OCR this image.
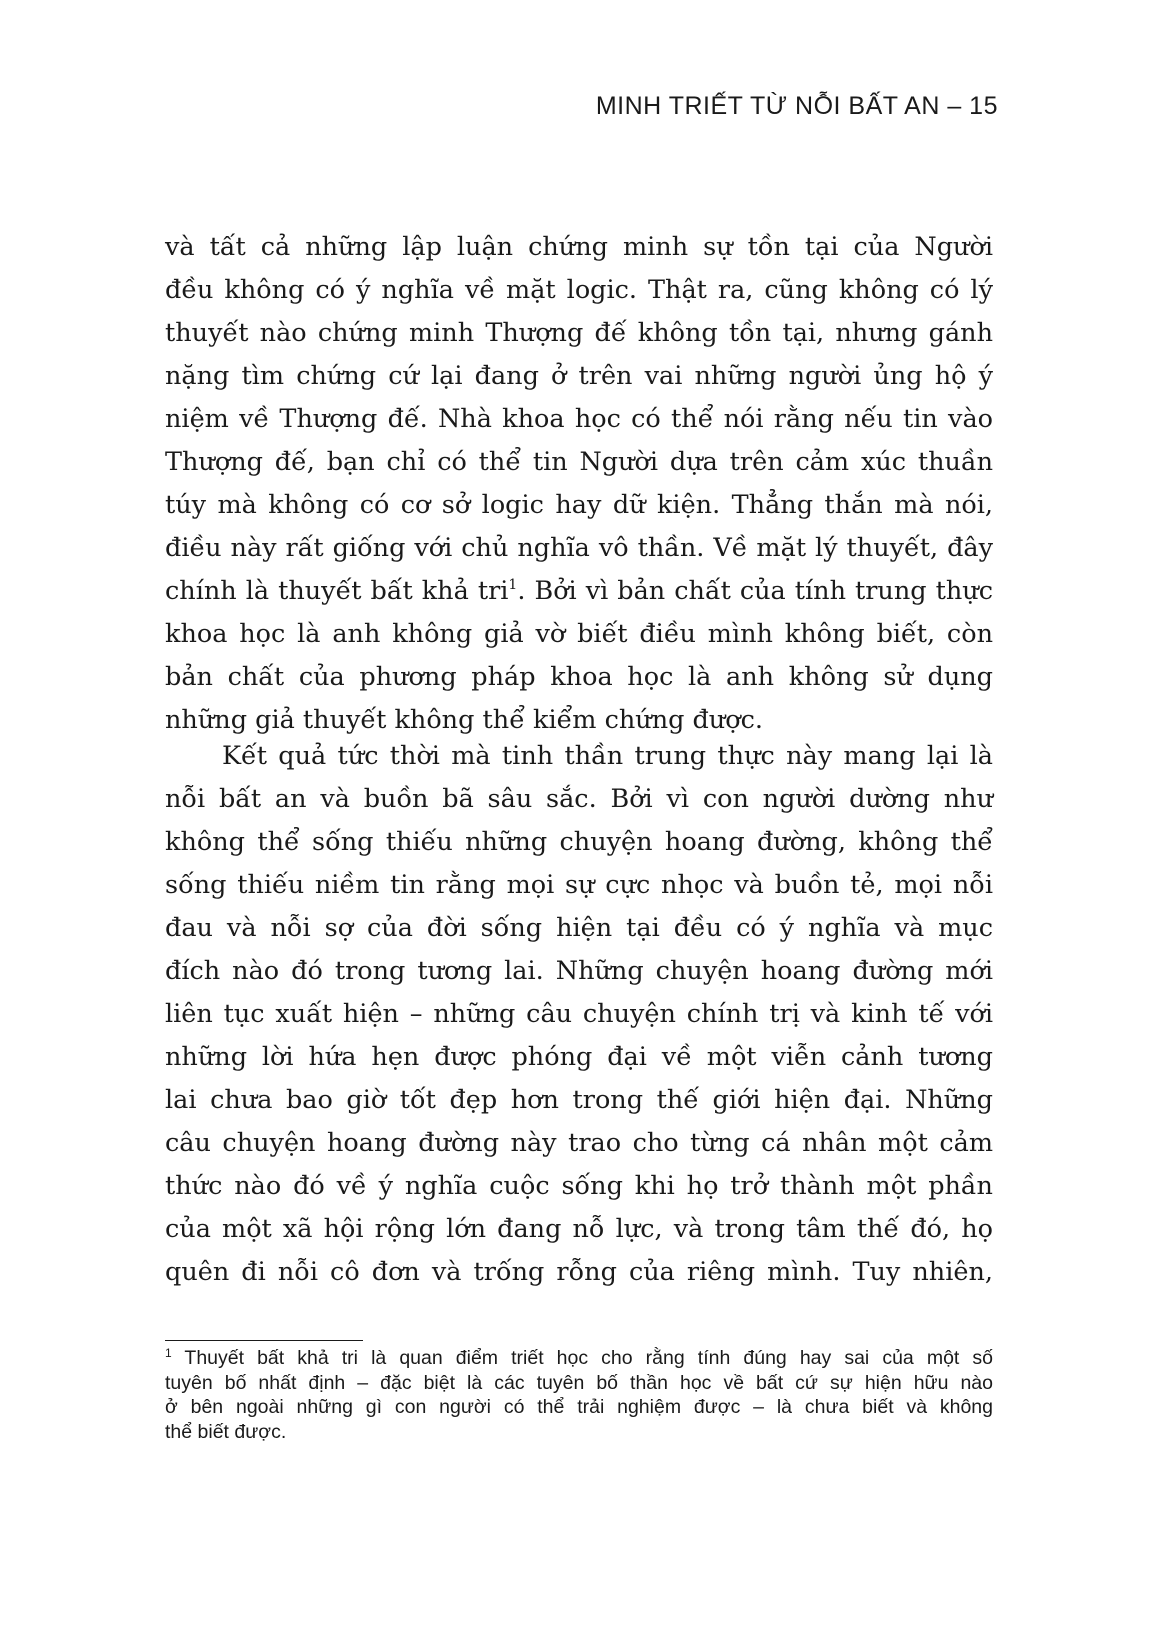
MINH TRIẾT TỪ NỖI BẤT AN – 15
và tất cả những lập luận chứng minh sự tồn tại của Người
đều không có ý nghĩa về mặt logic. Thật ra, cũng không có lý
thuyết nào chứng minh Thượng đế không tồn tại, nhưng gánh
nặng tìm chứng cứ lại đang ở trên vai những người ủng hộ ý
niệm về Thượng đế. Nhà khoa học có thể nói rằng nếu tin vào
Thượng đế, bạn chỉ có thể tin Người dựa trên cảm xúc thuần
túy mà không có cơ sở logic hay dữ kiện. Thẳng thắn mà nói,
điều này rất giống với chủ nghĩa vô thần. Về mặt lý thuyết, đây
chính là thuyết bất khả tri$^1$. Bởi vì bản chất của tính trung thực
khoa học là anh không giả vờ biết điều mình không biết, còn
bản chất của phương pháp khoa học là anh không sử dụng
những giả thuyết không thể kiểm chứng được.
Kết quả tức thời mà tinh thần trung thực này mang lại là
nỗi bất an và buồn bã sâu sắc. Bởi vì con người dường như
không thể sống thiếu những chuyện hoang đường, không thể
sống thiếu niềm tin rằng mọi sự cực nhọc và buồn tẻ, mọi nỗi
đau và nỗi sợ của đời sống hiện tại đều có ý nghĩa và mục
đích nào đó trong tương lai. Những chuyện hoang đường mới
liên tục xuất hiện – những câu chuyện chính trị và kinh tế với
những lời hứa hẹn được phóng đại về một viễn cảnh tương
lai chưa bao giờ tốt đẹp hơn trong thế giới hiện đại. Những
câu chuyện hoang đường này trao cho từng cá nhân một cảm
thức nào đó về ý nghĩa cuộc sống khi họ trở thành một phần
của một xã hội rộng lớn đang nỗ lực, và trong tâm thế đó, họ
quên đi nỗi cô đơn và trống rỗng của riêng mình. Tuy nhiên,
$^1$ Thuyết bất khả tri là quan điểm triết học cho rằng tính đúng hay sai của một số
tuyên bố nhất định – đặc biệt là các tuyên bố thần học về bất cứ sự hiện hữu nào
ở bên ngoài những gì con người có thể trải nghiệm được – là chưa biết và không
thể biết được.
